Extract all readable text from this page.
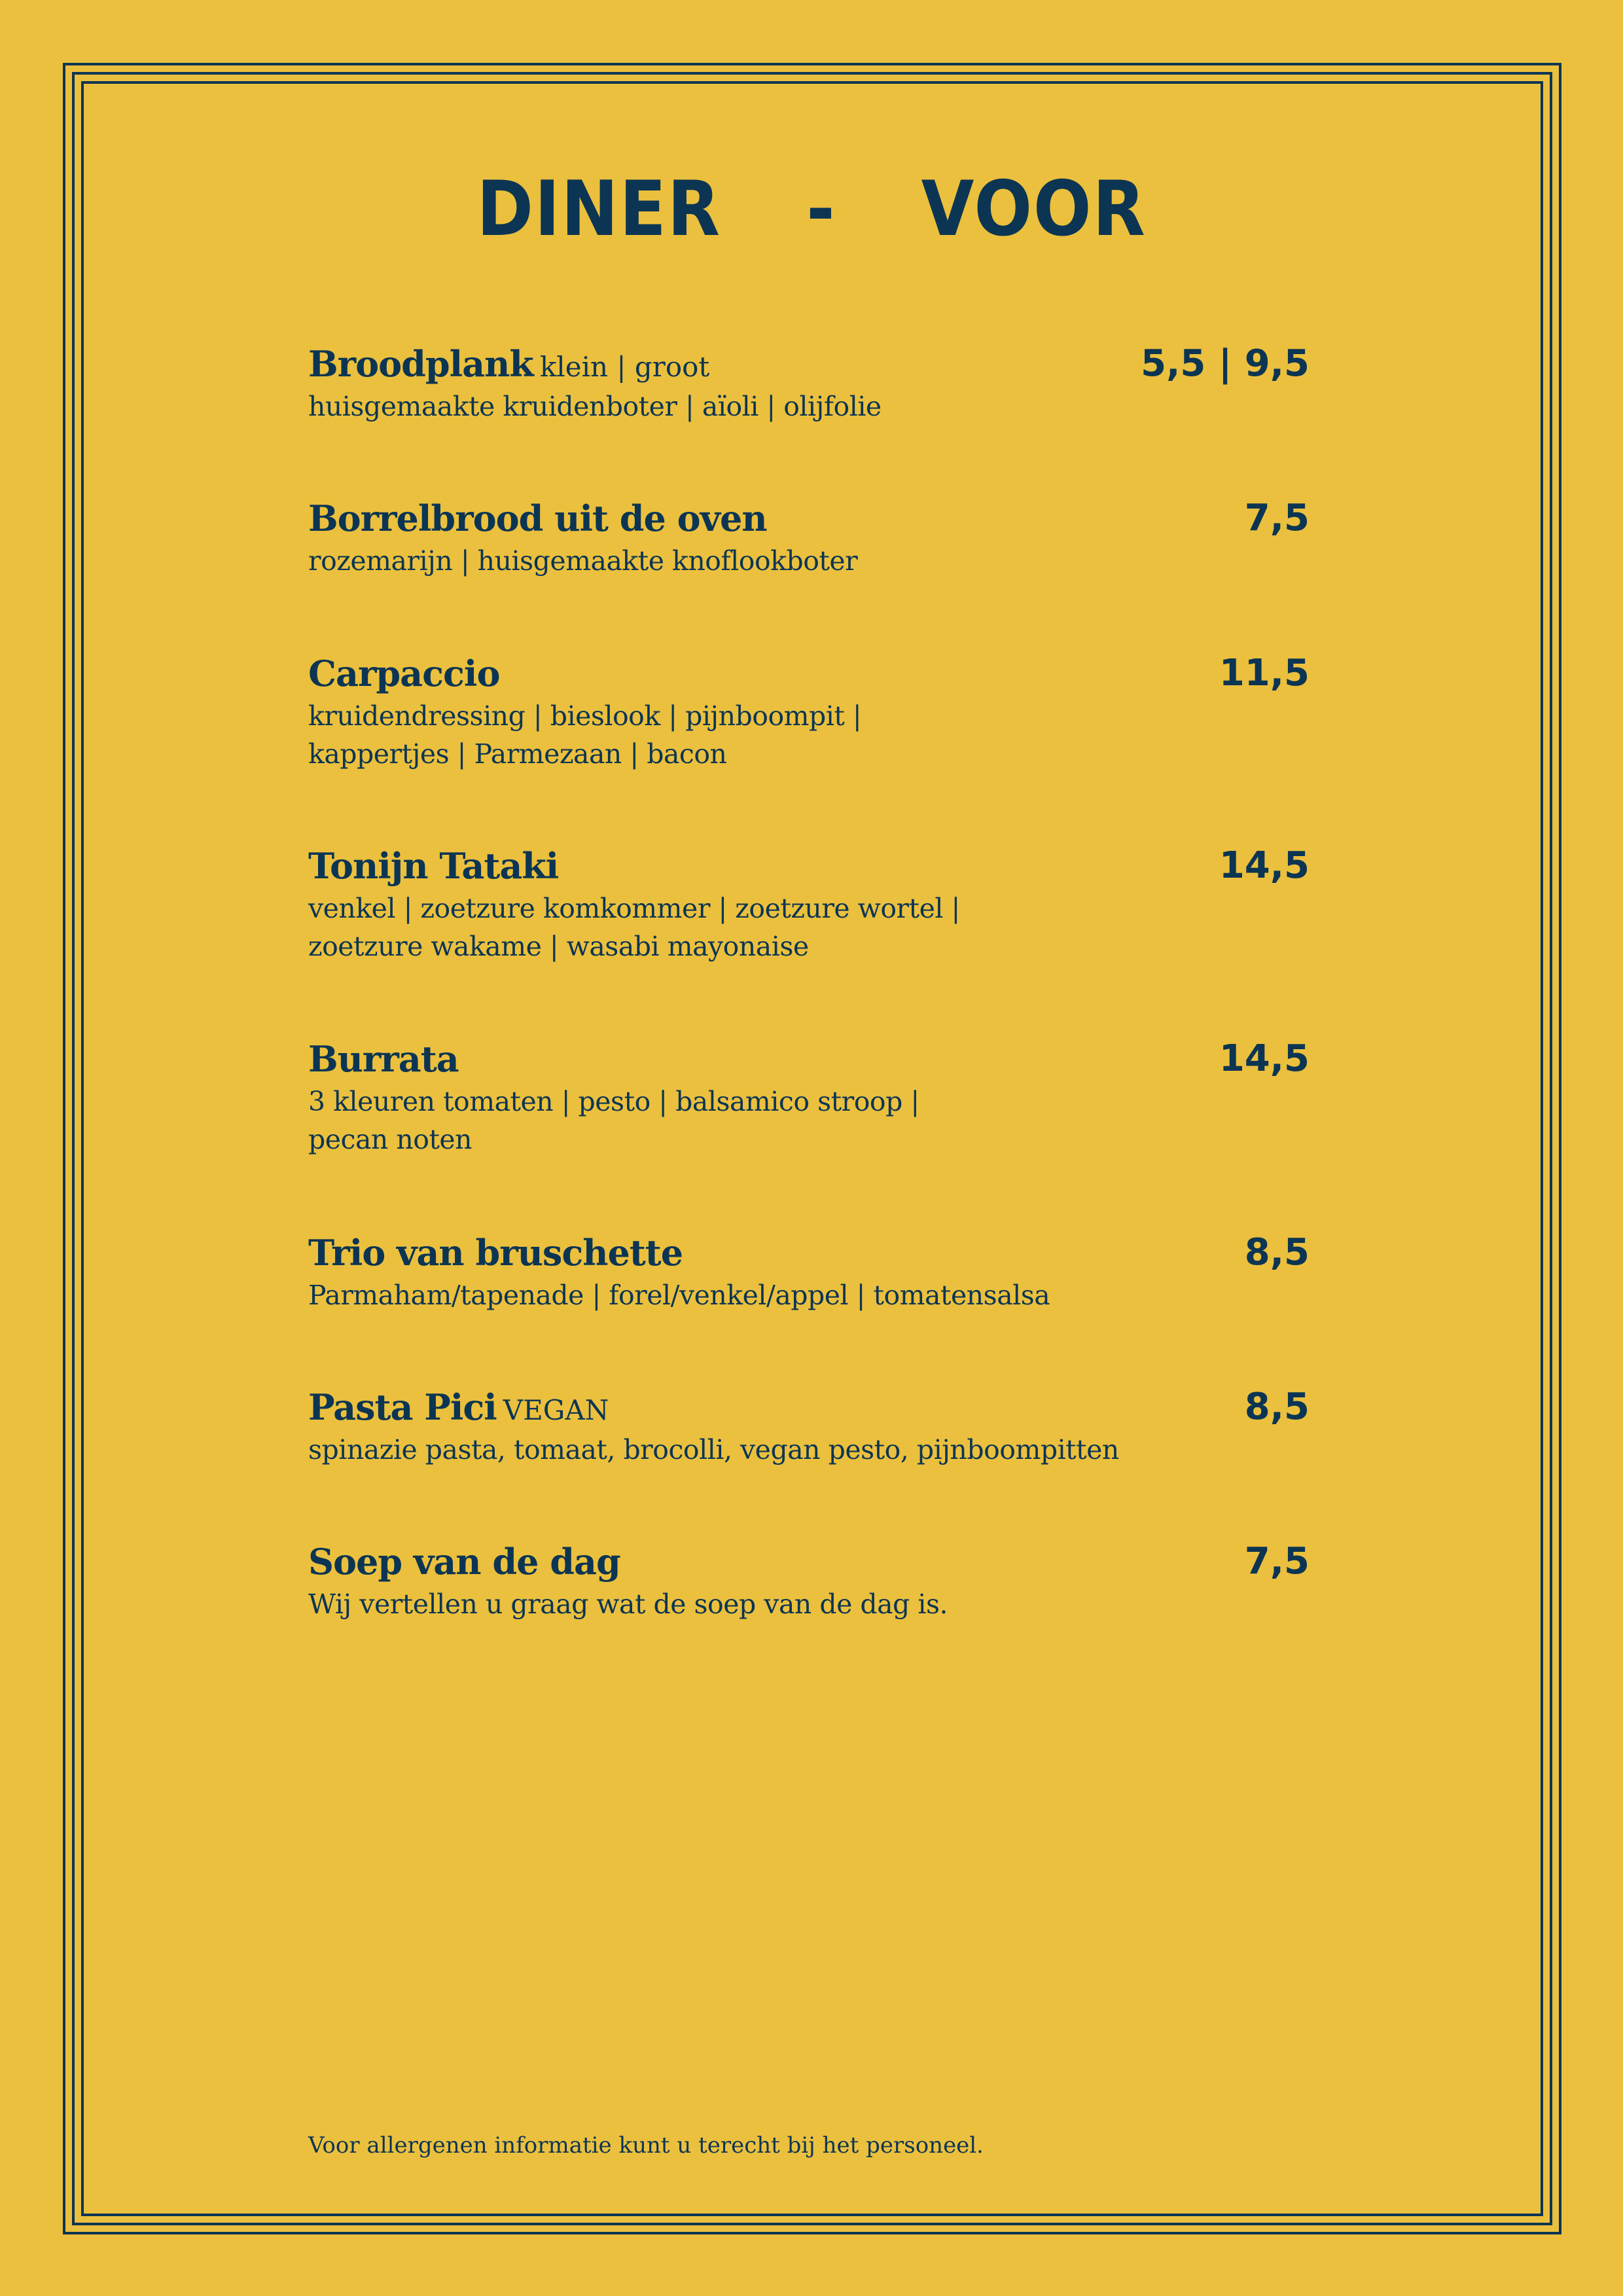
DINER  -  VOOR
Broodplank klein | groot	5,5 | 9,5
huisgemaakte kruidenboter | aïoli | olijfolie
Borrelbrood uit de oven	7,5
rozemarijn | huisgemaakte knoflookboter
Carpaccio	11,5
kruidendressing | bieslook | pijnboompit |
kappertjes | Parmezaan | bacon
Tonijn Tataki	14,5
venkel | zoetzure komkommer | zoetzure wortel |
zoetzure wakame | wasabi mayonaise
Burrata	14,5
3 kleuren tomaten | pesto | balsamico stroop |
pecan noten
Trio van bruschette	8,5
Parmaham/tapenade | forel/venkel/appel | tomatensalsa
Pasta Pici VEGAN	8,5
spinazie pasta, tomaat, brocolli, vegan pesto, pijnboompitten
Soep van de dag	7,5
Wij vertellen u graag wat de soep van de dag is.
Voor allergenen informatie kunt u terecht bij het personeel.
